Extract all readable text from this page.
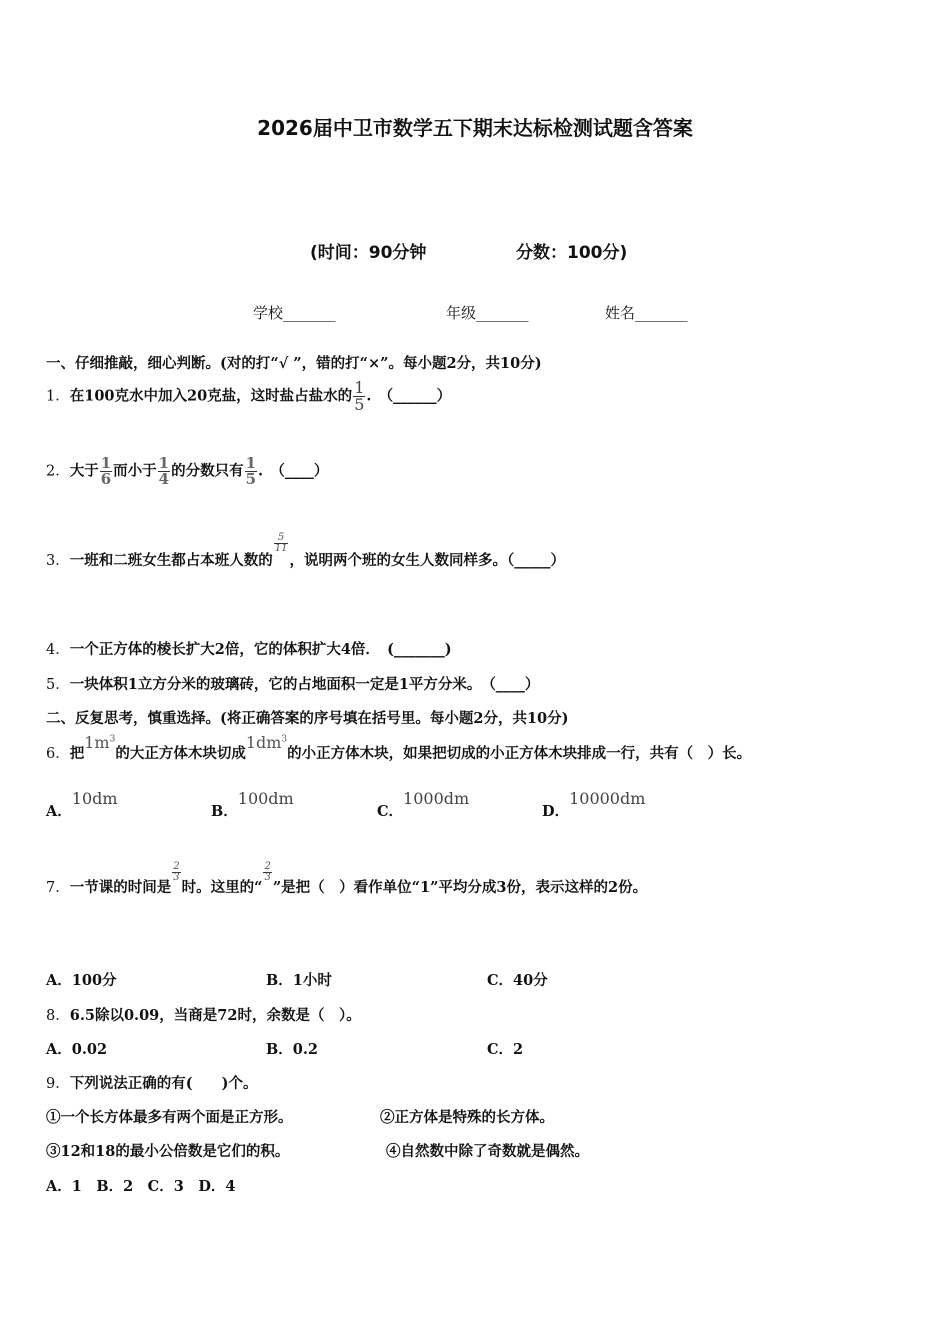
2026届中卫市数学五下期末达标检测试题含答案
(时间：90分钟	分数：100分)
学校_______	年级_______	姓名_______
一、仔细推敲，细心判断。(对的打“√ ”，错的打“×”。每小题2分，共10分)
1．在100克水中加入20克盐，这时盐占盐水的 $\frac{1}{5}$ .　（______）
2．大于 $\frac{1}{6}$ 而小于 $\frac{1}{4}$ 的分数只有 $\frac{1}{5}$ .　（____）
3．一班和二班女生都占本班人数的
$\frac{5}{11}$
，说明两个班的女生人数同样多。（_____）
4．一个正方体的棱长扩大2倍，它的体积扩大4倍．　(_______)
5．一块体积1立方分米的玻璃砖，它的占地面积一定是1平方分米。　（____）
二、反复思考，慎重选择。(将正确答案的序号填在括号里。每小题2分，共10分)
6．把$1m^3$的大正方体木块切成$1dm^3$的小正方体木块，如果把切成的小正方体木块排成一行，共有（　）长。
A．10dm
B．100dm
C．1000dm
D．10000dm
7．一节课的时间是
$\frac{2}{3}$
时。这里的“
$\frac{2}{3}$
”是把（　）看作单位“1”平均分成3份，表示这样的2份。
A．100分	B．1小时	C．40分
8．6.5除以0.09，当商是72时，余数是（　）。
A．0.02	B．0.2	C．2
9．下列说法正确的有(　　)个。
①一个长方体最多有两个面是正方形。	②正方体是特殊的长方体。
③12和18的最小公倍数是它们的积。	④自然数中除了奇数就是偶然。
A．1　B．2　C．3　D．4
